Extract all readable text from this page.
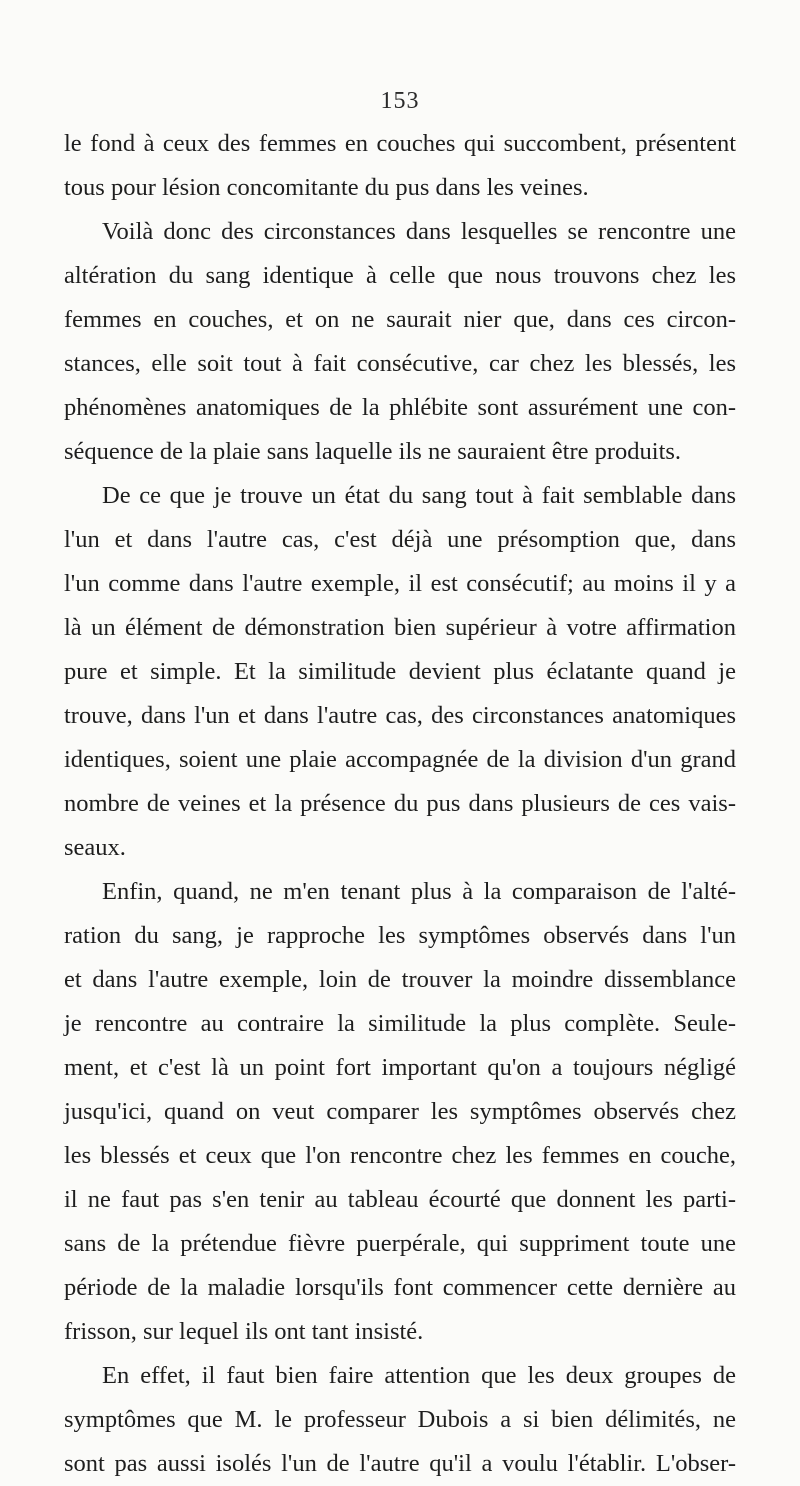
153
le fond à ceux des femmes en couches qui succombent, présentent
tous pour lésion concomitante du pus dans les veines.
Voilà donc des circonstances dans lesquelles se rencontre une
altération du sang identique à celle que nous trouvons chez les
femmes en couches, et on ne saurait nier que, dans ces circon-
stances, elle soit tout à fait consécutive, car chez les blessés, les
phénomènes anatomiques de la phlébite sont assurément une con-
séquence de la plaie sans laquelle ils ne sauraient être produits.
De ce que je trouve un état du sang tout à fait semblable dans
l'un et dans l'autre cas, c'est déjà une présomption que, dans
l'un comme dans l'autre exemple, il est consécutif; au moins il y a
là un élément de démonstration bien supérieur à votre affirmation
pure et simple. Et la similitude devient plus éclatante quand je
trouve, dans l'un et dans l'autre cas, des circonstances anatomiques
identiques, soient une plaie accompagnée de la division d'un grand
nombre de veines et la présence du pus dans plusieurs de ces vais-
seaux.
Enfin, quand, ne m'en tenant plus à la comparaison de l'alté-
ration du sang, je rapproche les symptômes observés dans l'un
et dans l'autre exemple, loin de trouver la moindre dissemblance
je rencontre au contraire la similitude la plus complète. Seule-
ment, et c'est là un point fort important qu'on a toujours négligé
jusqu'ici, quand on veut comparer les symptômes observés chez
les blessés et ceux que l'on rencontre chez les femmes en couche,
il ne faut pas s'en tenir au tableau écourté que donnent les parti-
sans de la prétendue fièvre puerpérale, qui suppriment toute une
période de la maladie lorsqu'ils font commencer cette dernière au
frisson, sur lequel ils ont tant insisté.
En effet, il faut bien faire attention que les deux groupes de
symptômes que M. le professeur Dubois a si bien délimités, ne
sont pas aussi isolés l'un de l'autre qu'il a voulu l'établir. L'obser-
